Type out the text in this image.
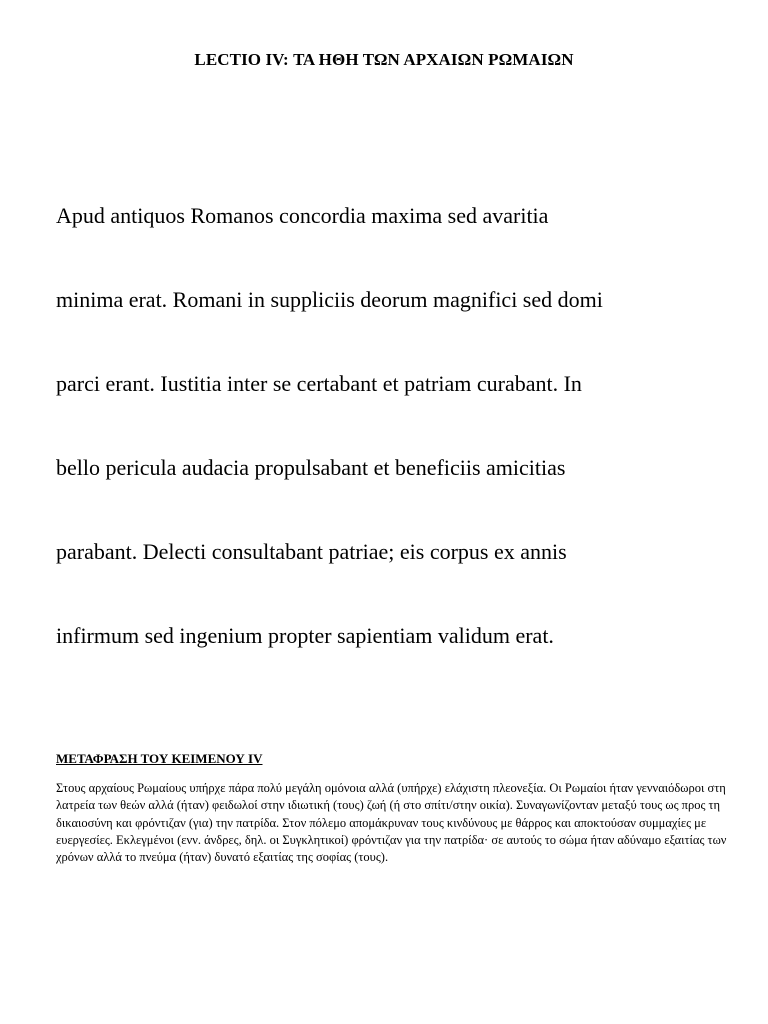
LECTIO IV: ΤΑ ΗΘΗ ΤΩΝ ΑΡΧΑΙΩΝ ΡΩΜΑΙΩΝ
Apud antiquos Romanos concordia maxima sed avaritia
minima erat. Romani in suppliciis deorum magnifici sed domi
parci erant. Iustitia inter se certabant et patriam curabant. In
bello pericula audacia propulsabant et beneficiis amicitias
parabant. Delecti consultabant patriae; eis corpus ex annis
infirmum sed ingenium propter sapientiam validum erat.
ΜΕΤΑΦΡΑΣΗ ΤΟΥ ΚΕΙΜΕΝΟΥ IV

Στους αρχαίους Ρωμαίους υπήρχε πάρα πολύ μεγάλη ομόνοια αλλά (υπήρχε) ελάχιστη πλεονεξία. Οι Ρωμαίοι ήταν γενναιόδωροι στη λατρεία των θεών αλλά (ήταν) φειδωλοί στην ιδιωτική (τους) ζωή (ή στο σπίτι/στην οικία). Συναγωνίζονταν μεταξύ τους ως προς τη δικαιοσύνη και φρόντιζαν (για) την πατρίδα. Στον πόλεμο απομάκρυναν τους κινδύνους με θάρρος και αποκτούσαν συμμαχίες με ευεργεσίες. Εκλεγμένοι (ενν. άνδρες, δηλ. οι Συγκλητικοί) φρόντιζαν για την πατρίδα· σε αυτούς το σώμα ήταν αδύναμο εξαιτίας των χρόνων αλλά το πνεύμα (ήταν) δυνατό εξαιτίας της σοφίας (τους).
